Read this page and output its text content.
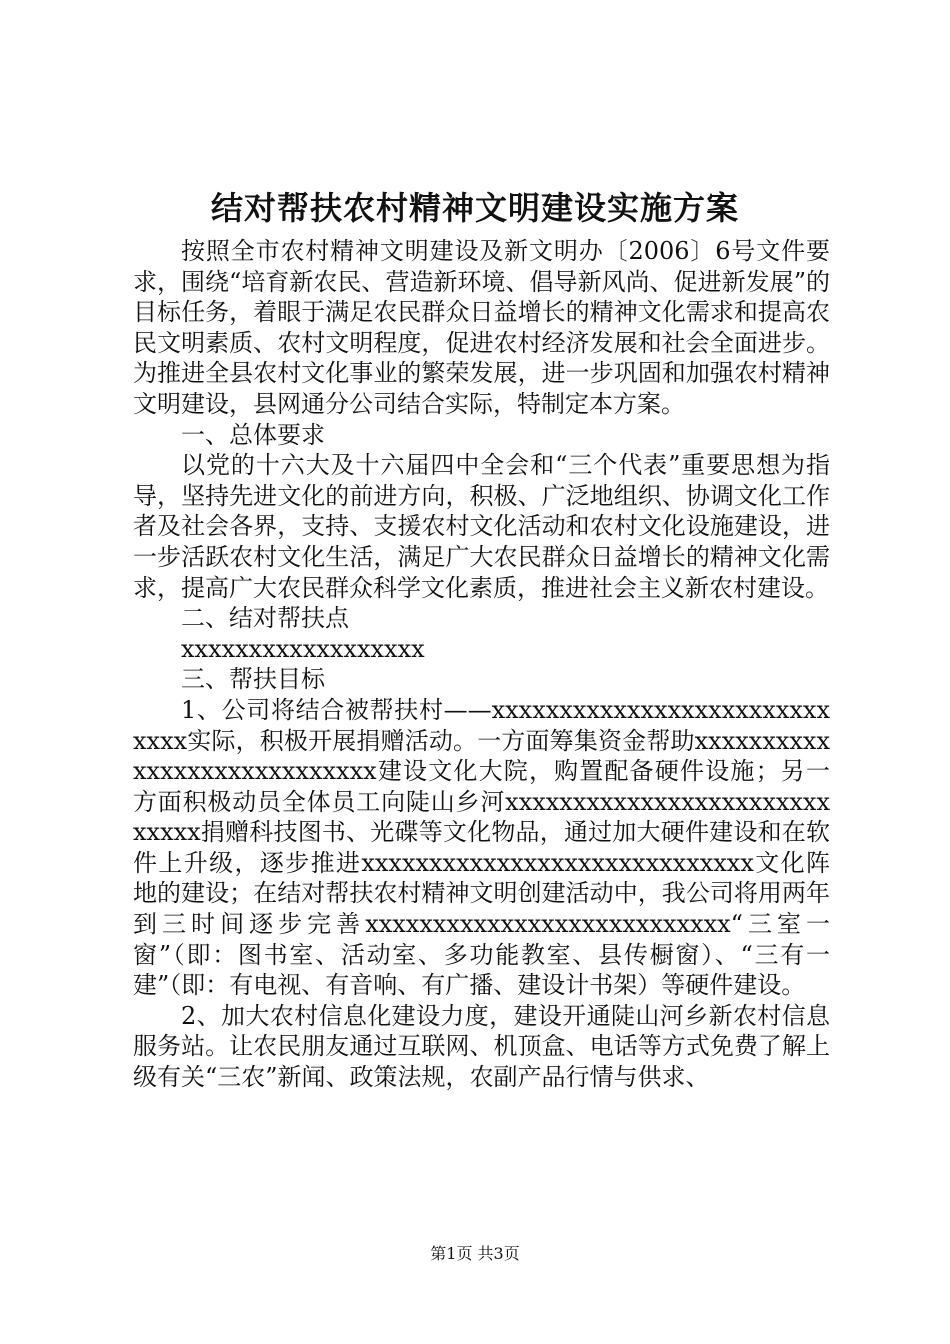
结对帮扶农村精神文明建设实施方案

按照全市农村精神文明建设及新文明办〔2006〕6号文件要求，围绕“培育新农民、营造新环境、倡导新风尚、促进新发展”的目标任务，着眼于满足农民群众日益增长的精神文化需求和提高农民文明素质、农村文明程度，促进农村经济发展和社会全面进步。为推进全县农村文化事业的繁荣发展，进一步巩固和加强农村精神文明建设，县网通分公司结合实际，特制定本方案。

一、总体要求

以党的十六大及十六届四中全会和“三个代表”重要思想为指导，坚持先进文化的前进方向，积极、广泛地组织、协调文化工作者及社会各界，支持、支援农村文化活动和农村文化设施建设，进一步活跃农村文化生活，满足广大农民群众日益增长的精神文化需求，提高广大农民群众科学文化素质，推进社会主义新农村建设。

二、结对帮扶点

xxxxxxxxxxxxxxxxxx

三、帮扶目标

1、公司将结合被帮扶村——xxxxxxxxxxxxxxxxxxxxxxxxxxxxx实际，积极开展捐赠活动。一方面筹集资金帮助xxxxxxxxxxxxxxxxxxxxxxxxxxxx建设文化大院，购置配备硬件设施；另一方面积极动员全体员工向陡山乡河xxxxxxxxxxxxxxxxxxxxxxxxxxxxx捐赠科技图书、光碟等文化物品，通过加大硬件建设和在软件上升级，逐步推进xxxxxxxxxxxxxxxxxxxxxxxxxxxxx文化阵地的建设；在结对帮扶农村精神文明创建活动中，我公司将用两年到三时间逐步完善xxxxxxxxxxxxxxxxxxxxxxxxxxx“三室一窗”（即：图书室、活动室、多功能教室、县传橱窗）、“三有一建”（即：有电视、有音响、有广播、建设计书架）等硬件建设。

2、加大农村信息化建设力度，建设开通陡山河乡新农村信息服务站。让农民朋友通过互联网、机顶盒、电话等方式免费了解上级有关“三农”新闻、政策法规，农副产品行情与供求、

第1页 共3页
